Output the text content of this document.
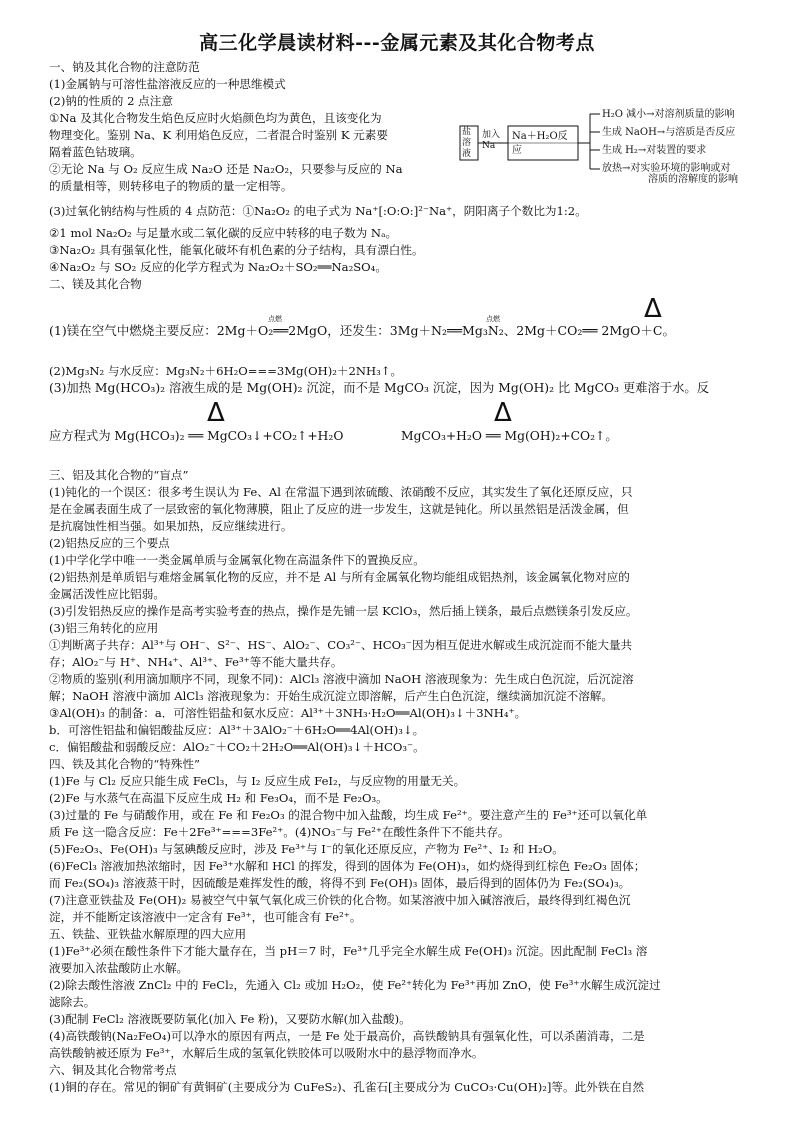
高三化学晨读材料---金属元素及其化合物考点
一、钠及其化合物的注意防范
(1)金属钠与可溶性盐溶液反应的一种思维模式
(2)钠的性质的 2 点注意
①Na 及其化合物发生焰色反应时火焰颜色均为黄色，且该变化为
物理变化。鉴别 Na、K 利用焰色反应，二者混合时鉴别 K 元素要
隔着蓝色钴玻璃。
②无论 Na 与 O₂ 反应生成 Na₂O 还是 Na₂O₂，只要参与反应的 Na
的质量相等，则转移电子的物质的量一定相等。
盐溶液
加入Na
Na＋H₂O反应
H₂O 减小→对溶剂质量的影响
生成 NaOH→与溶质是否反应
生成 H₂→对装置的要求
放热→对实验环境的影响或对
溶质的溶解度的影响
(3)过氧化钠结构与性质的 4 点防范：①Na₂O₂ 的电子式为 Na⁺[:O:O:]²⁻Na⁺，阴阳离子个数比为1:2。
②1 mol Na₂O₂ 与足量水或二氧化碳的反应中转移的电子数为 Nₐ。
③Na₂O₂ 具有强氧化性，能氧化破坏有机色素的分子结构，具有漂白性。
④Na₂O₂ 与 SO₂ 反应的化学方程式为 Na₂O₂＋SO₂══Na₂SO₄。
二、镁及其化合物
Δ
(1)镁在空气中燃烧主要反应：2Mg＋O₂══2MgO，还发生：3Mg＋N₂══Mg₃N₂、2Mg＋CO₂══ 2MgO＋C。
点燃	点燃
(2)Mg₃N₂ 与水反应：Mg₃N₂＋6H₂O===3Mg(OH)₂＋2NH₃↑。
(3)加热 Mg(HCO₃)₂ 溶液生成的是 Mg(OH)₂ 沉淀，而不是 MgCO₃ 沉淀，因为 Mg(OH)₂ 比 MgCO₃ 更难溶于水。反
Δ	Δ
应方程式为 Mg(HCO₃)₂ ══ MgCO₃↓+CO₂↑+H₂O	MgCO₃+H₂O ══ Mg(OH)₂+CO₂↑。
三、铝及其化合物的“盲点”
(1)钝化的一个误区：很多考生误认为 Fe、Al 在常温下遇到浓硫酸、浓硝酸不反应，其实发生了氧化还原反应，只
是在金属表面生成了一层致密的氧化物薄膜，阻止了反应的进一步发生，这就是钝化。所以虽然铝是活泼金属，但
是抗腐蚀性相当强。如果加热，反应继续进行。
(2)铝热反应的三个要点
(1)中学化学中唯一一类金属单质与金属氧化物在高温条件下的置换反应。
(2)铝热剂是单质铝与难熔金属氧化物的反应，并不是 Al 与所有金属氧化物均能组成铝热剂，该金属氧化物对应的
金属活泼性应比铝弱。
(3)引发铝热反应的操作是高考实验考查的热点，操作是先铺一层 KClO₃，然后插上镁条，最后点燃镁条引发反应。
(3)铝三角转化的应用
①判断离子共存：Al³⁺与 OH⁻、S²⁻、HS⁻、AlO₂⁻、CO₃²⁻、HCO₃⁻因为相互促进水解或生成沉淀而不能大量共
存；AlO₂⁻与 H⁺、NH₄⁺、Al³⁺、Fe³⁺等不能大量共存。
②物质的鉴别(利用滴加顺序不同，现象不同)：AlCl₃ 溶液中滴加 NaOH 溶液现象为：先生成白色沉淀，后沉淀溶
解；NaOH 溶液中滴加 AlCl₃ 溶液现象为：开始生成沉淀立即溶解，后产生白色沉淀，继续滴加沉淀不溶解。
③Al(OH)₃ 的制备：a．可溶性铝盐和氨水反应：Al³⁺＋3NH₃·H₂O══Al(OH)₃↓＋3NH₄⁺。
b．可溶性铝盐和偏铝酸盐反应：Al³⁺＋3AlO₂⁻＋6H₂O══4Al(OH)₃↓。
c．偏铝酸盐和弱酸反应：AlO₂⁻＋CO₂＋2H₂O══Al(OH)₃↓＋HCO₃⁻。
四、铁及其化合物的“特殊性”
(1)Fe 与 Cl₂ 反应只能生成 FeCl₃，与 I₂ 反应生成 FeI₂，与反应物的用量无关。
(2)Fe 与水蒸气在高温下反应生成 H₂ 和 Fe₃O₄，而不是 Fe₂O₃。
(3)过量的 Fe 与硝酸作用，或在 Fe 和 Fe₂O₃ 的混合物中加入盐酸，均生成 Fe²⁺。要注意产生的 Fe³⁺还可以氧化单
质 Fe 这一隐含反应：Fe＋2Fe³⁺===3Fe²⁺。(4)NO₃⁻与 Fe²⁺在酸性条件下不能共存。
(5)Fe₂O₃、Fe(OH)₃ 与氢碘酸反应时，涉及 Fe³⁺与 I⁻的氧化还原反应，产物为 Fe²⁺、I₂ 和 H₂O。
(6)FeCl₃ 溶液加热浓缩时，因 Fe³⁺水解和 HCl 的挥发，得到的固体为 Fe(OH)₃，如灼烧得到红棕色 Fe₂O₃ 固体；
而 Fe₂(SO₄)₃ 溶液蒸干时，因硫酸是难挥发性的酸，将得不到 Fe(OH)₃ 固体，最后得到的固体仍为 Fe₂(SO₄)₃。
(7)注意亚铁盐及 Fe(OH)₂ 易被空气中氧气氧化成三价铁的化合物。如某溶液中加入碱溶液后，最终得到红褐色沉
淀，并不能断定该溶液中一定含有 Fe³⁺，也可能含有 Fe²⁺。
五、铁盐、亚铁盐水解原理的四大应用
(1)Fe³⁺必须在酸性条件下才能大量存在，当 pH＝7 时，Fe³⁺几乎完全水解生成 Fe(OH)₃ 沉淀。因此配制 FeCl₃ 溶
液要加入浓盐酸防止水解。
(2)除去酸性溶液 ZnCl₂ 中的 FeCl₂，先通入 Cl₂ 或加 H₂O₂，使 Fe²⁺转化为 Fe³⁺再加 ZnO，使 Fe³⁺水解生成沉淀过
滤除去。
(3)配制 FeCl₂ 溶液既要防氧化(加入 Fe 粉)，又要防水解(加入盐酸)。
(4)高铁酸钠(Na₂FeO₄)可以净水的原因有两点，一是 Fe 处于最高价，高铁酸钠具有强氧化性，可以杀菌消毒，二是
高铁酸钠被还原为 Fe³⁺，水解后生成的氢氧化铁胶体可以吸附水中的悬浮物而净水。
六、铜及其化合物常考点
(1)铜的存在。常见的铜矿有黄铜矿(主要成分为 CuFeS₂)、孔雀石[主要成分为 CuCO₃·Cu(OH)₂]等。此外铁在自然
